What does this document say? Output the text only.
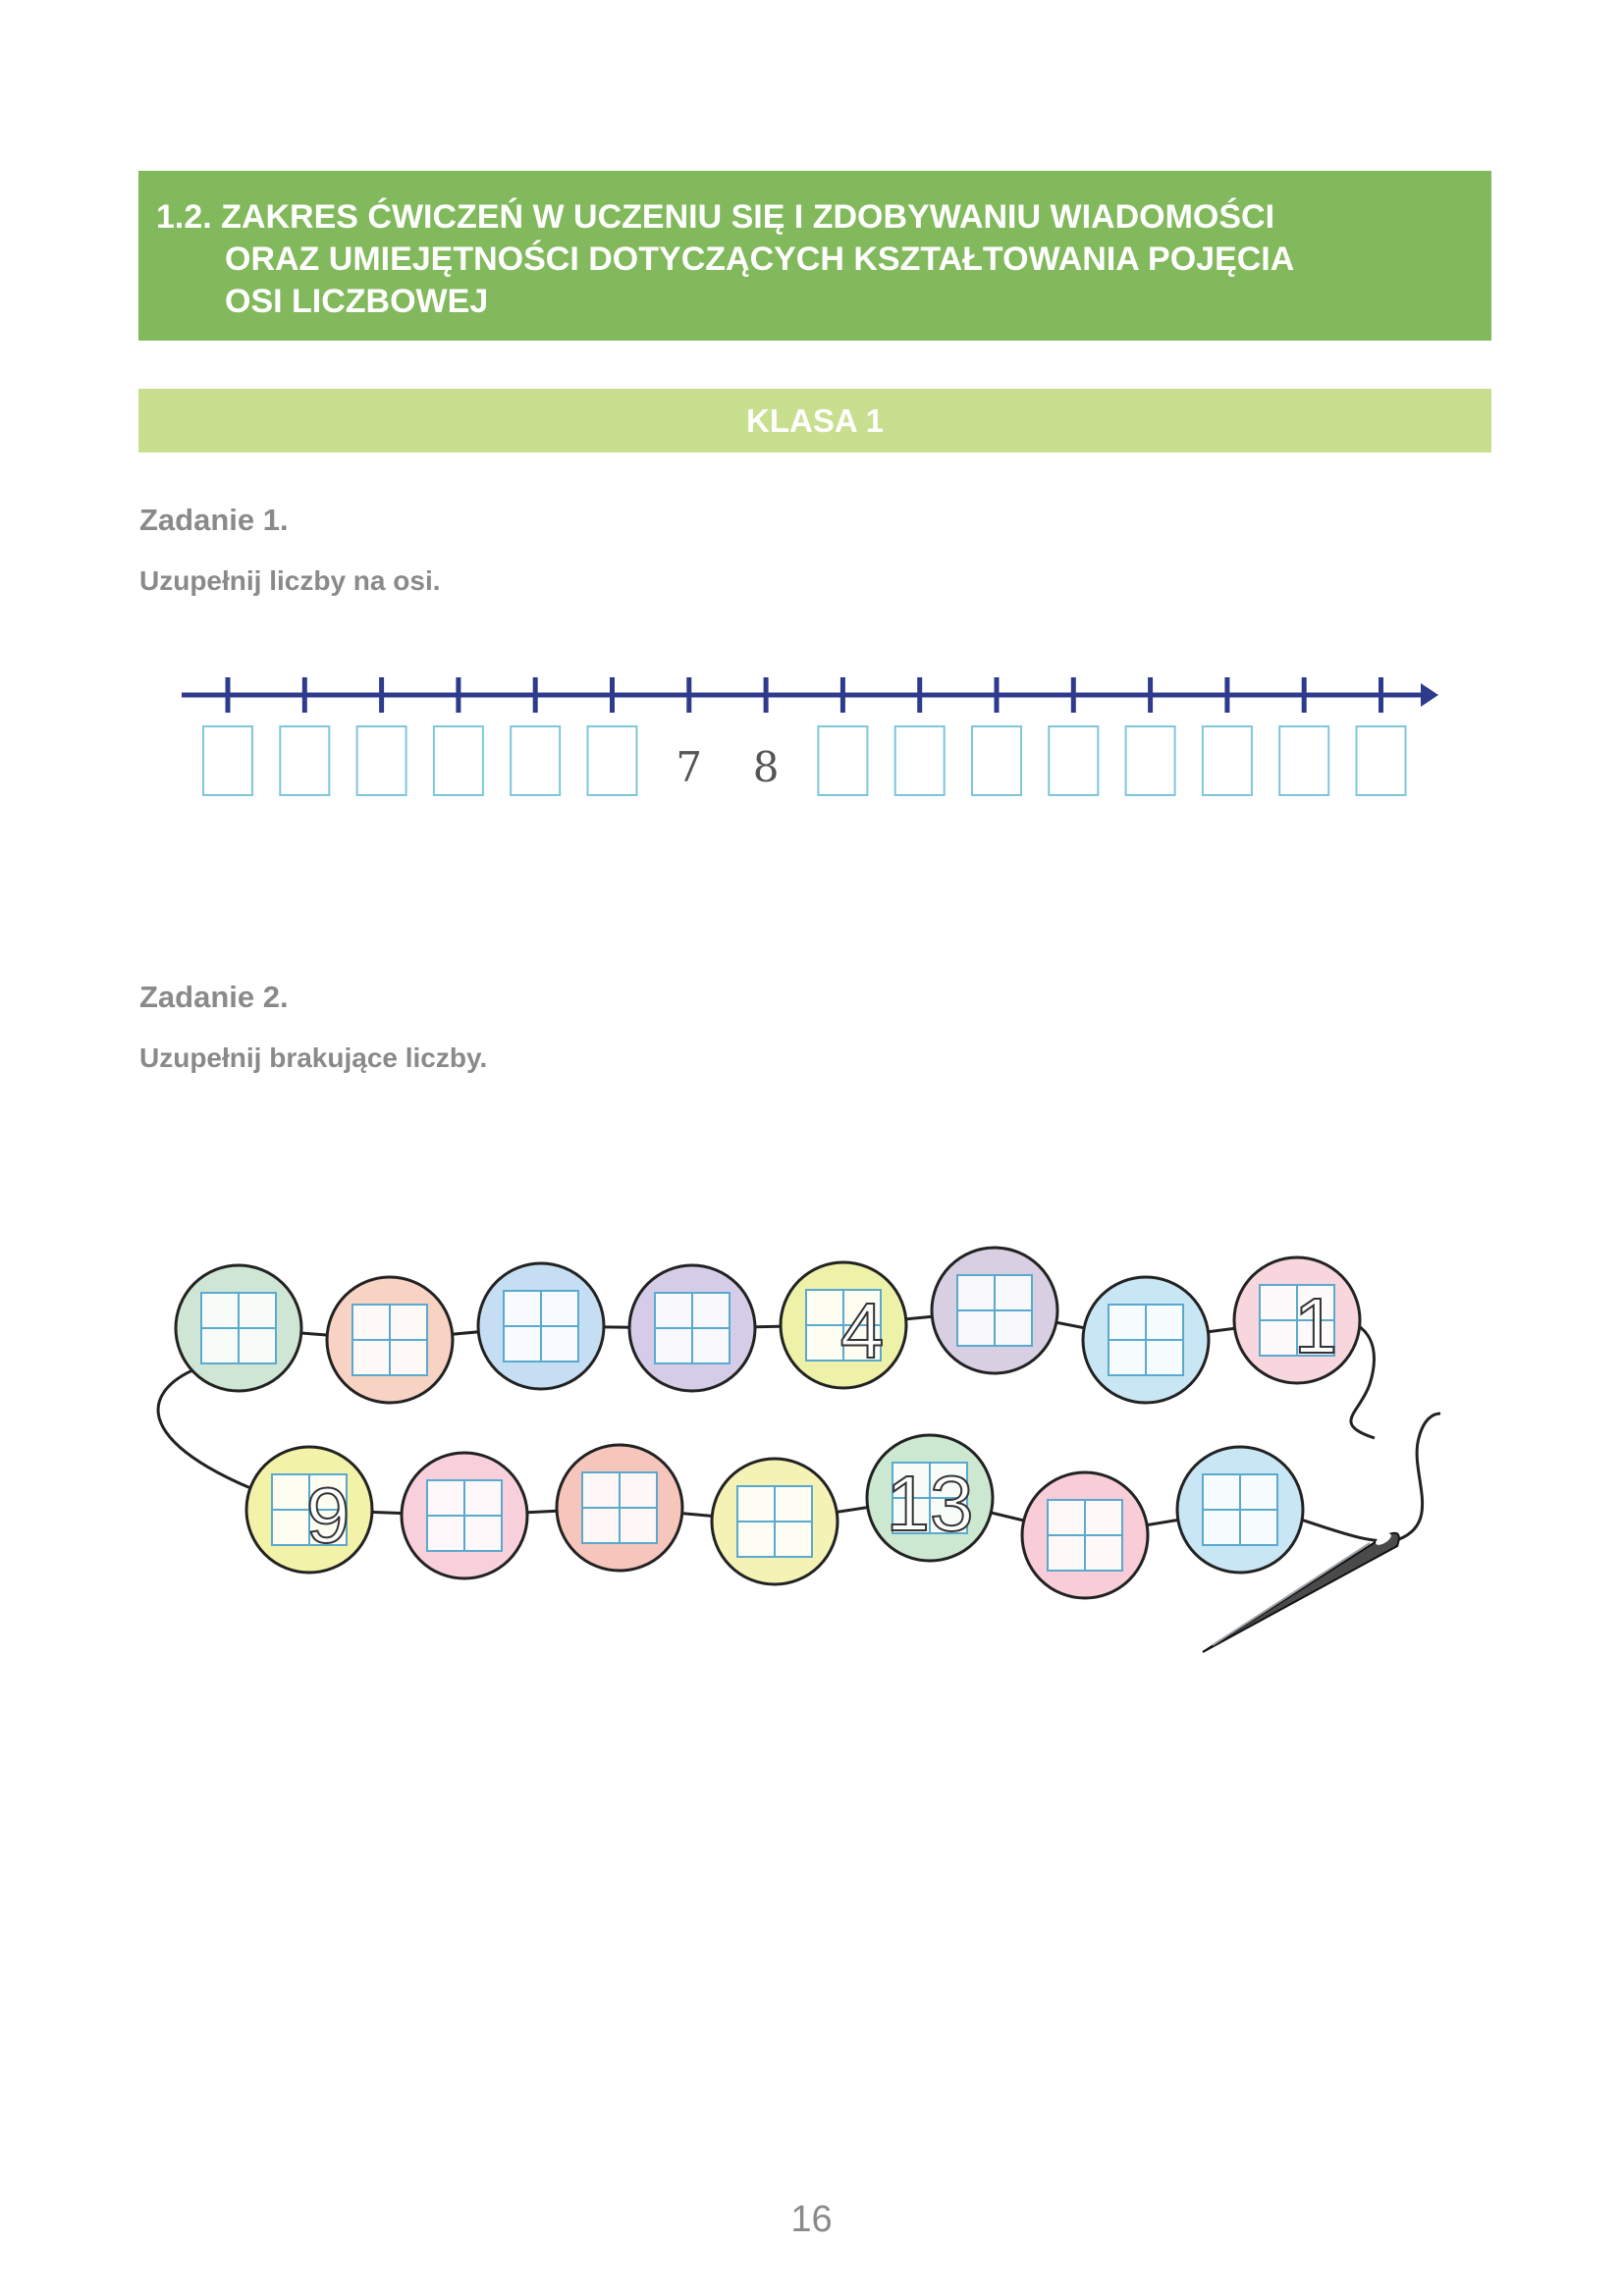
1.2. ZAKRES ĆWICZEŃ W UCZENIU SIĘ I ZDOBYWANIU WIADOMOŚCI
ORAZ UMIEJĘTNOŚCI DOTYCZĄCYCH KSZTAŁTOWANIA POJĘCIA
OSI LICZBOWEJ
KLASA 1
Zadanie 1.
Uzupełnij liczby na osi.
7 8
Zadanie 2.
Uzupełnij brakujące liczby.
4	1
9	13
16
